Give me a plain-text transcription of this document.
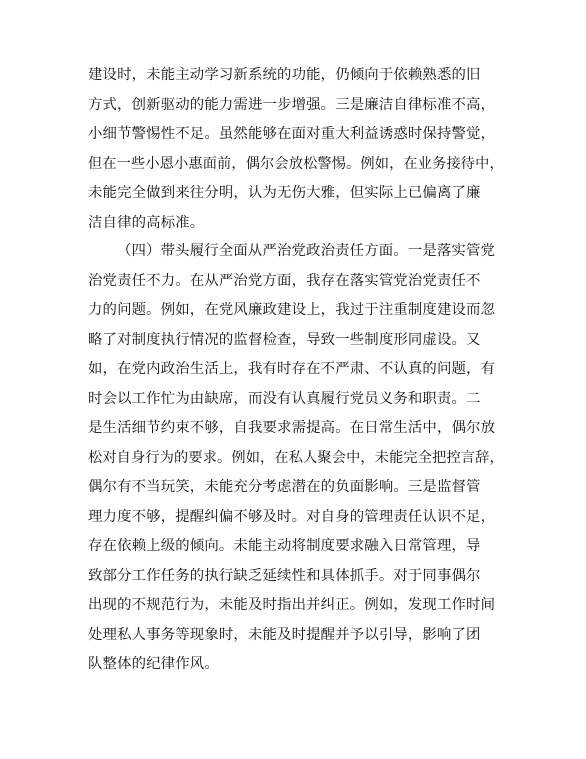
建设时，未能主动学习新系统的功能，仍倾向于依赖熟悉的旧
方式，创新驱动的能力需进一步增强。三是廉洁自律标准不高，
小细节警惕性不足。虽然能够在面对重大利益诱惑时保持警觉，
但在一些小恩小惠面前，偶尔会放松警惕。例如，在业务接待中，
未能完全做到来往分明，认为无伤大雅，但实际上已偏离了廉
洁自律的高标准。
（四）带头履行全面从严治党政治责任方面。一是落实管党
治党责任不力。在从严治党方面，我存在落实管党治党责任不
力的问题。例如，在党风廉政建设上，我过于注重制度建设而忽
略了对制度执行情况的监督检查，导致一些制度形同虚设。又
如，在党内政治生活上，我有时存在不严肃、不认真的问题，有
时会以工作忙为由缺席，而没有认真履行党员义务和职责。二
是生活细节约束不够，自我要求需提高。在日常生活中，偶尔放
松对自身行为的要求。例如，在私人聚会中，未能完全把控言辞，
偶尔有不当玩笑，未能充分考虑潜在的负面影响。三是监督管
理力度不够，提醒纠偏不够及时。对自身的管理责任认识不足，
存在依赖上级的倾向。未能主动将制度要求融入日常管理，导
致部分工作任务的执行缺乏延续性和具体抓手。对于同事偶尔
出现的不规范行为，未能及时指出并纠正。例如，发现工作时间
处理私人事务等现象时，未能及时提醒并予以引导，影响了团
队整体的纪律作风。
